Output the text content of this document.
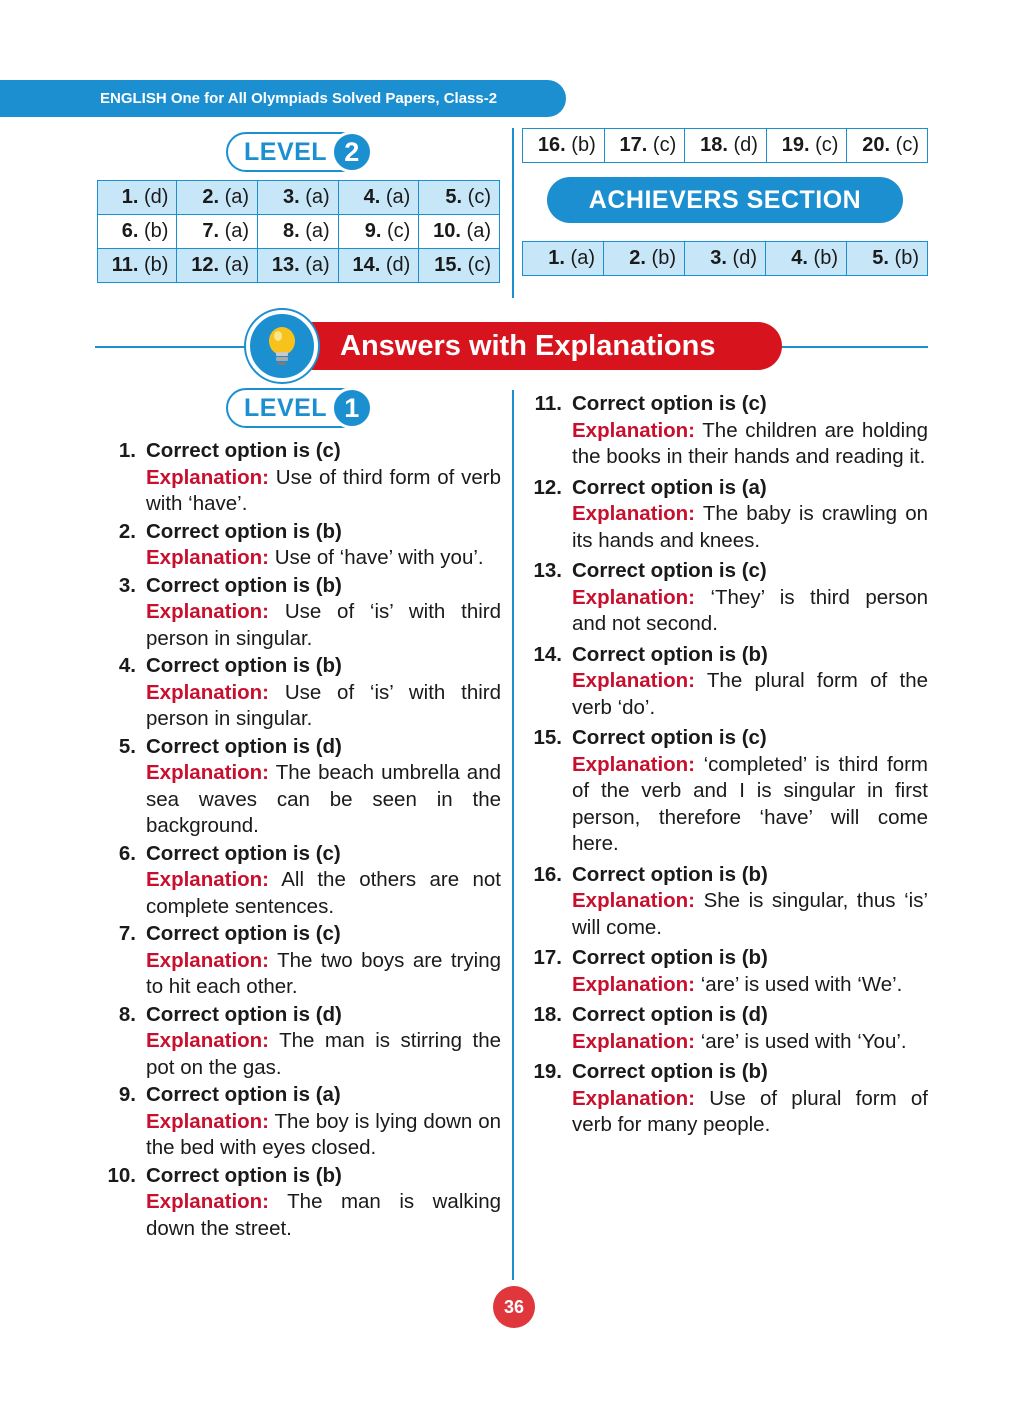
ENGLISH One for All Olympiads Solved Papers, Class-2
LEVEL 2
1. (d)	2. (a)	3. (a)	4. (a)	5. (c)
6. (b)	7. (a)	8. (a)	9. (c)	10. (a)
11. (b)	12. (a)	13. (a)	14. (d)	15. (c)
16. (b)	17. (c)	18. (d)	19. (c)	20. (c)
ACHIEVERS SECTION
1. (a)	2. (b)	3. (d)	4. (b)	5. (b)
Answers with Explanations
LEVEL 1
1. Correct option is (c)
Explanation: Use of third form of verb with ‘have’.
2. Correct option is (b)
Explanation: Use of ‘have’ with you’.
3. Correct option is (b)
Explanation: Use of ‘is’ with third person in singular.
4. Correct option is (b)
Explanation: Use of ‘is’ with third person in singular.
5. Correct option is (d)
Explanation: The beach umbrella and sea waves can be seen in the background.
6. Correct option is (c)
Explanation: All the others are not complete sentences.
7. Correct option is (c)
Explanation: The two boys are trying to hit each other.
8. Correct option is (d)
Explanation: The man is stirring the pot on the gas.
9. Correct option is (a)
Explanation: The boy is lying down on the bed with eyes closed.
10. Correct option is (b)
Explanation: The man is walking down the street.
11. Correct option is (c)
Explanation: The children are holding the books in their hands and reading it.
12. Correct option is (a)
Explanation: The baby is crawling on its hands and knees.
13. Correct option is (c)
Explanation: ‘They’ is third person and not second.
14. Correct option is (b)
Explanation: The plural form of the verb ‘do’.
15. Correct option is (c)
Explanation: ‘completed’ is third form of the verb and I is singular in first person, therefore ‘have’ will come here.
16. Correct option is (b)
Explanation: She is singular, thus ‘is’ will come.
17. Correct option is (b)
Explanation: ‘are’ is used with ‘We’.
18. Correct option is (d)
Explanation: ‘are’ is used with ‘You’.
19. Correct option is (b)
Explanation: Use of plural form of verb for many people.
36
